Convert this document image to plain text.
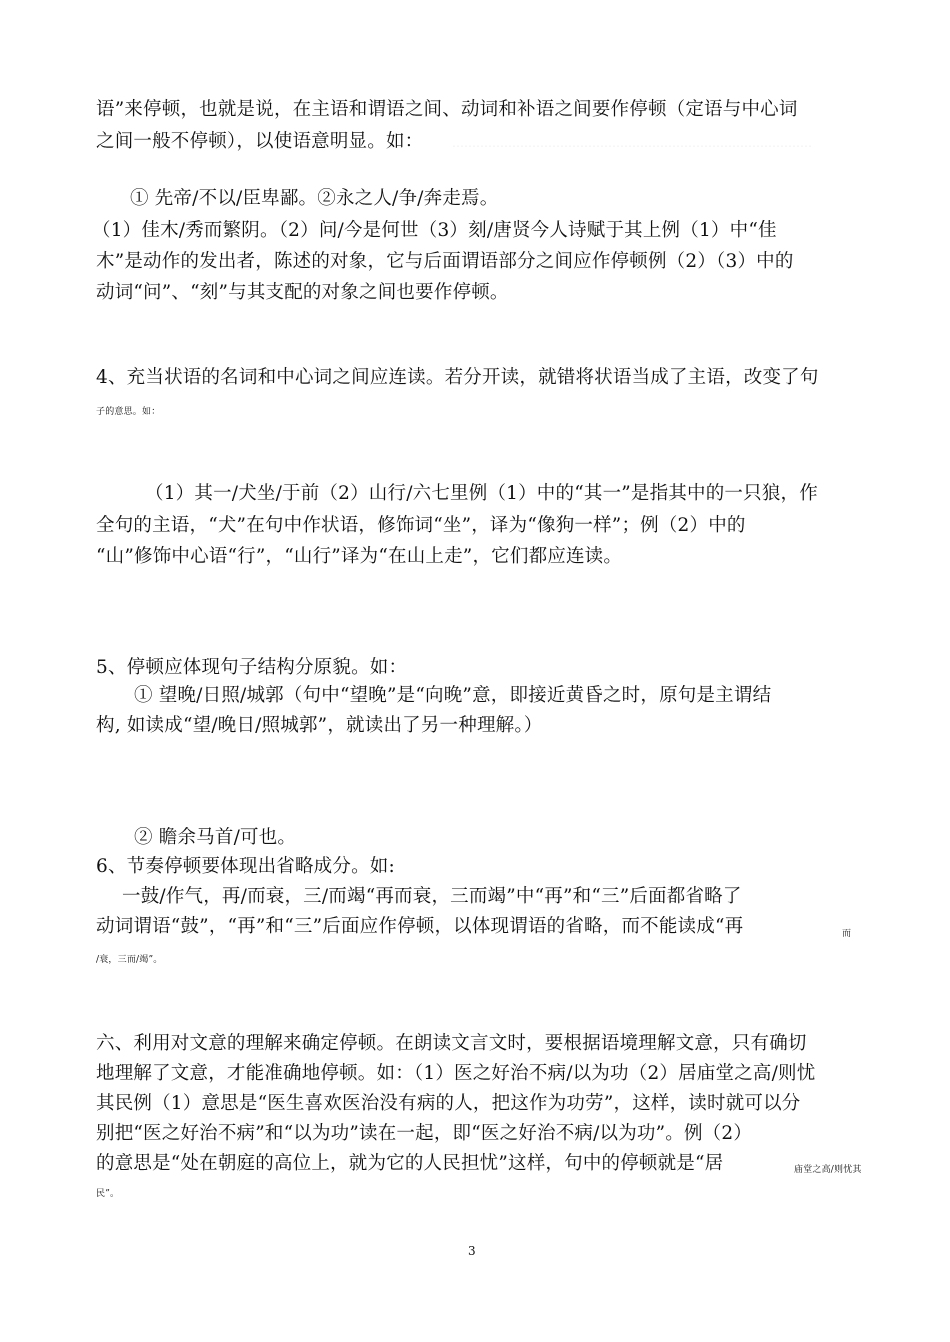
语”来停顿，也就是说，在主语和谓语之间、动词和补语之间要作停顿（定语与中心词
之间一般不停顿），以使语意明显。如： ………………………………………………………………………………
① 先帝/不以/臣卑鄙。②永之人/争/奔走焉。
（1）佳木/秀而繁阴。（2）问/今是何世（3）刻/唐贤今人诗赋于其上例（1）中“佳
木”是动作的发出者，陈述的对象，它与后面谓语部分之间应作停顿例（2）（3）中的
动词“问”、“刻”与其支配的对象之间也要作停顿。
4、充当状语的名词和中心词之间应连读。若分开读，就错将状语当成了主语，改变了句
子的意思。如：
（1）其一/犬坐/于前（2）山行/六七里例（1）中的“其一”是指其中的一只狼，作
全句的主语，“犬”在句中作状语，修饰词“坐”，译为“像狗一样”；例（2）中的
“山”修饰中心语“行”，“山行”译为“在山上走”，它们都应连读。
5、停顿应体现句子结构分原貌。如：
① 望晚/日照/城郭（句中“望晚”是“向晚”意，即接近黄昏之时，原句是主谓结
构, 如读成“望/晚日/照城郭”，就读出了另一种理解。）
② 瞻余马首/可也。
6、节奏停顿要体现出省略成分。如:
一鼓/作气，再/而衰，三/而竭“再而衰，三而竭”中“再”和“三”后面都省略了
动词谓语“鼓”，“再”和“三”后面应作停顿，以体现谓语的省略，而不能读成“再	而
/衰，三而/竭”。
六、利用对文意的理解来确定停顿。在朗读文言文时，要根据语境理解文意，只有确切
地理解了文意，才能准确地停顿。如：（1）医之好治不病/以为功（2）居庙堂之高/则忧
其民例（1）意思是“医生喜欢医治没有病的人，把这作为功劳”，这样，读时就可以分
别把“医之好治不病”和“以为功”读在一起，即“医之好治不病/以为功”。例（2）
的意思是“处在朝庭的高位上，就为它的人民担忧”这样，句中的停顿就是“居	庙堂之高/则忧其
民”。
3
